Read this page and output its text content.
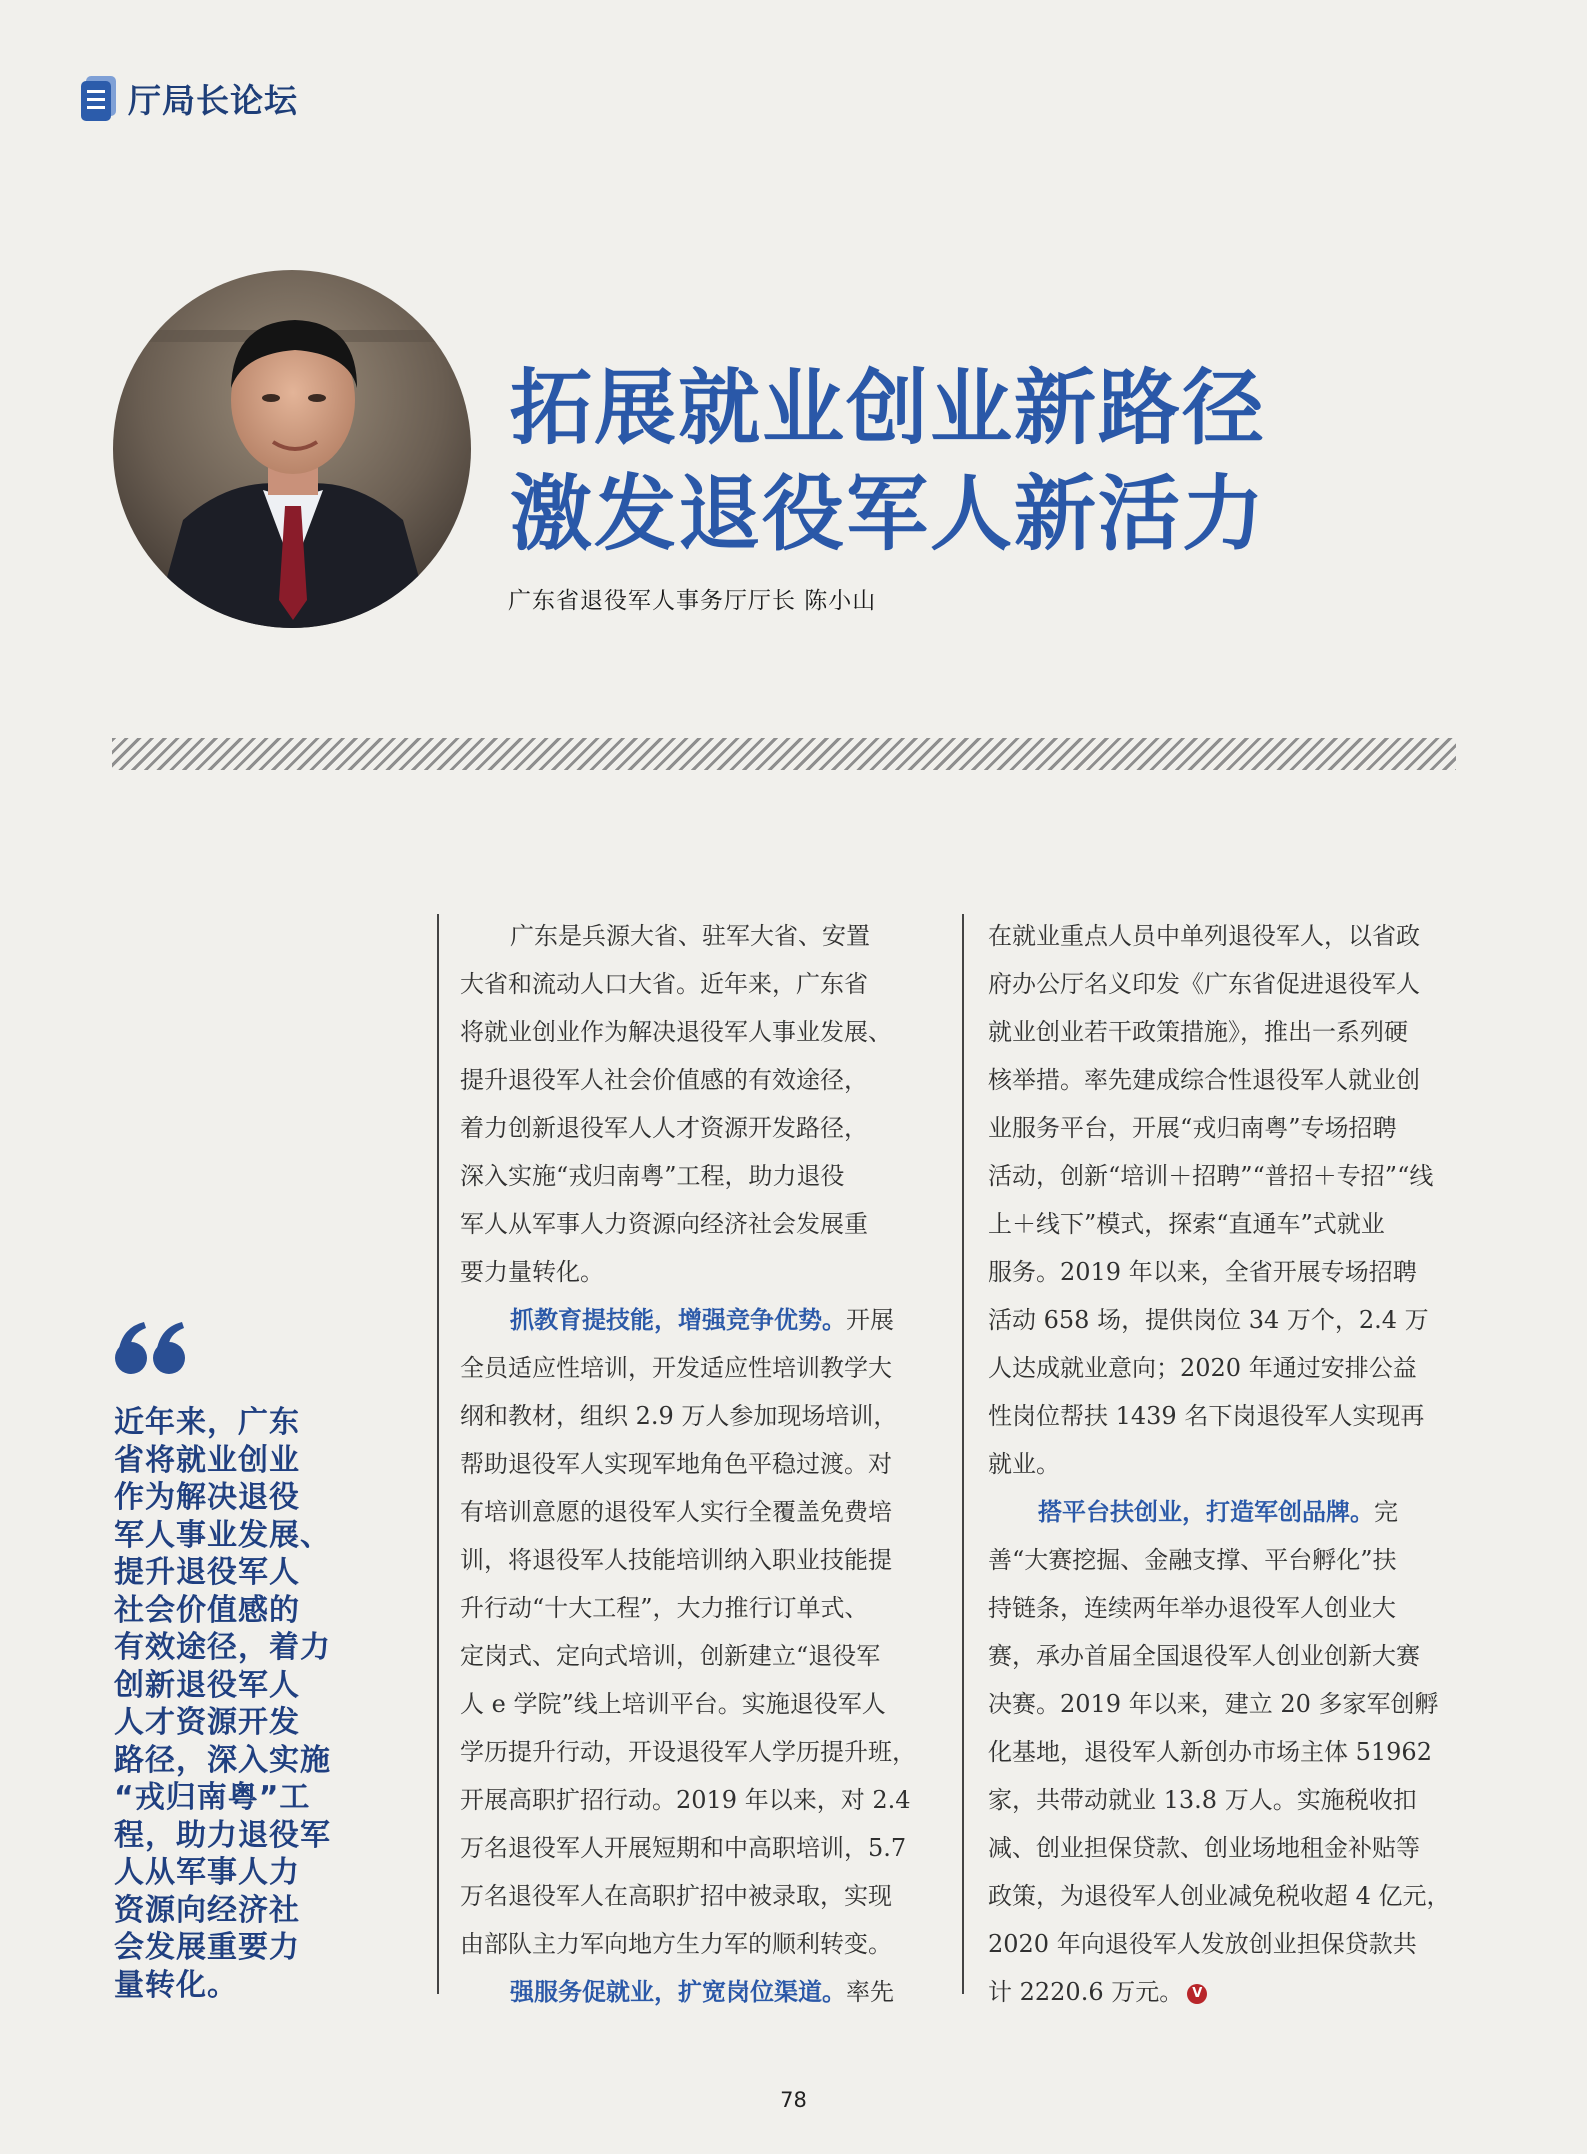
厅局长论坛
拓展就业创业新路径
激发退役军人新活力
广东省退役军人事务厅厅长 陈小山
近年来，广东
省将就业创业
作为解决退役
军人事业发展、
提升退役军人
社会价值感的
有效途径，着力
创新退役军人
人才资源开发
路径，深入实施
“戎归南粤”工
程，助力退役军
人从军事人力
资源向经济社
会发展重要力
量转化。
广东是兵源大省、驻军大省、安置
大省和流动人口大省。近年来，广东省
将就业创业作为解决退役军人事业发展、
提升退役军人社会价值感的有效途径，
着力创新退役军人人才资源开发路径，
深入实施“戎归南粤”工程，助力退役
军人从军事人力资源向经济社会发展重
要力量转化。
抓教育提技能，增强竞争优势。开展
全员适应性培训，开发适应性培训教学大
纲和教材，组织 2.9 万人参加现场培训，
帮助退役军人实现军地角色平稳过渡。对
有培训意愿的退役军人实行全覆盖免费培
训，将退役军人技能培训纳入职业技能提
升行动“十大工程”，大力推行订单式、
定岗式、定向式培训，创新建立“退役军
人 e 学院”线上培训平台。实施退役军人
学历提升行动，开设退役军人学历提升班，
开展高职扩招行动。2019 年以来，对 2.4
万名退役军人开展短期和中高职培训，5.7
万名退役军人在高职扩招中被录取，实现
由部队主力军向地方生力军的顺利转变。
强服务促就业，扩宽岗位渠道。率先
在就业重点人员中单列退役军人，以省政
府办公厅名义印发《广东省促进退役军人
就业创业若干政策措施》，推出一系列硬
核举措。率先建成综合性退役军人就业创
业服务平台，开展“戎归南粤”专场招聘
活动，创新“培训＋招聘”“普招＋专招”“线
上＋线下”模式，探索“直通车”式就业
服务。2019 年以来，全省开展专场招聘
活动 658 场，提供岗位 34 万个，2.4 万
人达成就业意向；2020 年通过安排公益
性岗位帮扶 1439 名下岗退役军人实现再
就业。
搭平台扶创业，打造军创品牌。完
善“大赛挖掘、金融支撑、平台孵化”扶
持链条，连续两年举办退役军人创业大
赛，承办首届全国退役军人创业创新大赛
决赛。2019 年以来，建立 20 多家军创孵
化基地，退役军人新创办市场主体 51962
家，共带动就业 13.8 万人。实施税收扣
减、创业担保贷款、创业场地租金补贴等
政策，为退役军人创业减免税收超 4 亿元，
2020 年向退役军人发放创业担保贷款共
计 2220.6 万元。 V
78
